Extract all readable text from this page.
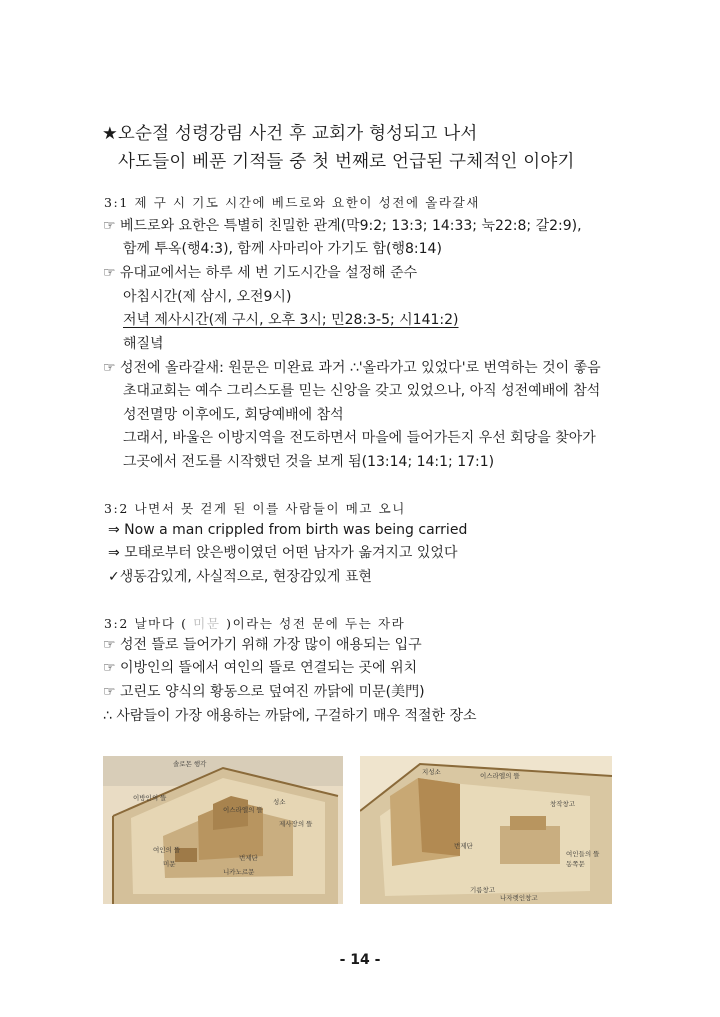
★오순절 성령강림 사건 후 교회가 형성되고 나서
사도들이 베푼 기적들 중 첫 번째로 언급된 구체적인 이야기
3:1 제 구 시 기도 시간에 베드로와 요한이 성전에 올라갈새
☞ 베드로와 요한은 특별히 친밀한 관계(막9:2; 13:3; 14:33; 눅22:8; 갈2:9),
함께 투옥(행4:3), 함께 사마리아 가기도 함(행8:14)
☞ 유대교에서는 하루 세 번 기도시간을 설정해 준수
아침시간(제 삼시, 오전9시)
저녁 제사시간(제 구시, 오후 3시; 민28:3-5; 시141:2)
해질녘
☞ 성전에 올라갈새: 원문은 미완료 과거 ∴'올라가고 있었다'로 번역하는 것이 좋음
초대교회는 예수 그리스도를 믿는 신앙을 갖고 있었으나, 아직 성전예배에 참석
성전멸망 이후에도, 회당예배에 참석
그래서, 바울은 이방지역을 전도하면서 마을에 들어가든지 우선 회당을 찾아가
그곳에서 전도를 시작했던 것을 보게 됨(13:14; 14:1; 17:1)
3:2 나면서 못 걷게 된 이를 사람들이 메고 오니
⇒ Now a man crippled from birth was being carried
⇒ 모태로부터 앉은뱅이였던 어떤 남자가 옮겨지고 있었다
✓생동감있게, 사실적으로, 현장감있게 표현
3:2 날마다 ( 미문 )이라는 성전 문에 두는 자라
☞ 성전 뜰로 들어가기 위해 가장 많이 애용되는 입구
☞ 이방인의 뜰에서 여인의 뜰로 연결되는 곳에 위치
☞ 고린도 양식의 황동으로 덮여진 까닭에 미문(美門)
∴ 사람들이 가장 애용하는 까닭에, 구걸하기 매우 적절한 장소
솔로몬 행각
이방인의 뜰
이스라엘의 뜰
성소
여인의 뜰
미문
제사장의 뜰
번제단
니카노르문
지성소	이스라엘의 뜰
번제단
창작창고
여인들의 뜰
동쪽문
기름창고
나자렛인창고
- 14 -
